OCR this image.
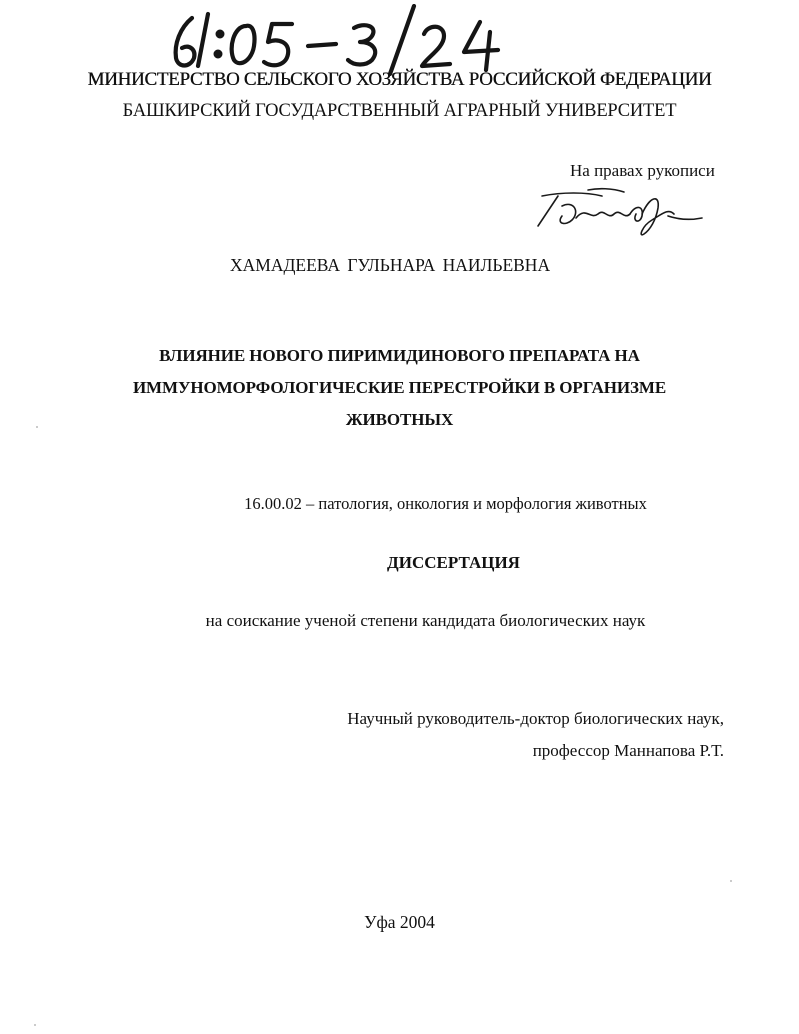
МИНИСТЕРСТВО СЕЛЬСКОГО ХОЗЯЙСТВА РОССИЙСКОЙ ФЕДЕРАЦИИ
БАШКИРСКИЙ ГОСУДАРСТВЕННЫЙ АГРАРНЫЙ УНИВЕРСИТЕТ
На правах рукописи
ХАМАДЕЕВА ГУЛЬНАРА НАИЛЬЕВНА
ВЛИЯНИЕ НОВОГО ПИРИМИДИНОВОГО ПРЕПАРАТА НА
ИММУНОМОРФОЛОГИЧЕСКИЕ ПЕРЕСТРОЙКИ В ОРГАНИЗМЕ
ЖИВОТНЫХ
16.00.02 – патология, онкология и морфология животных
ДИССЕРТАЦИЯ
на соискание ученой степени кандидата биологических наук
Научный руководитель-доктор биологических наук,
профессор Маннапова Р.Т.
Уфа 2004
